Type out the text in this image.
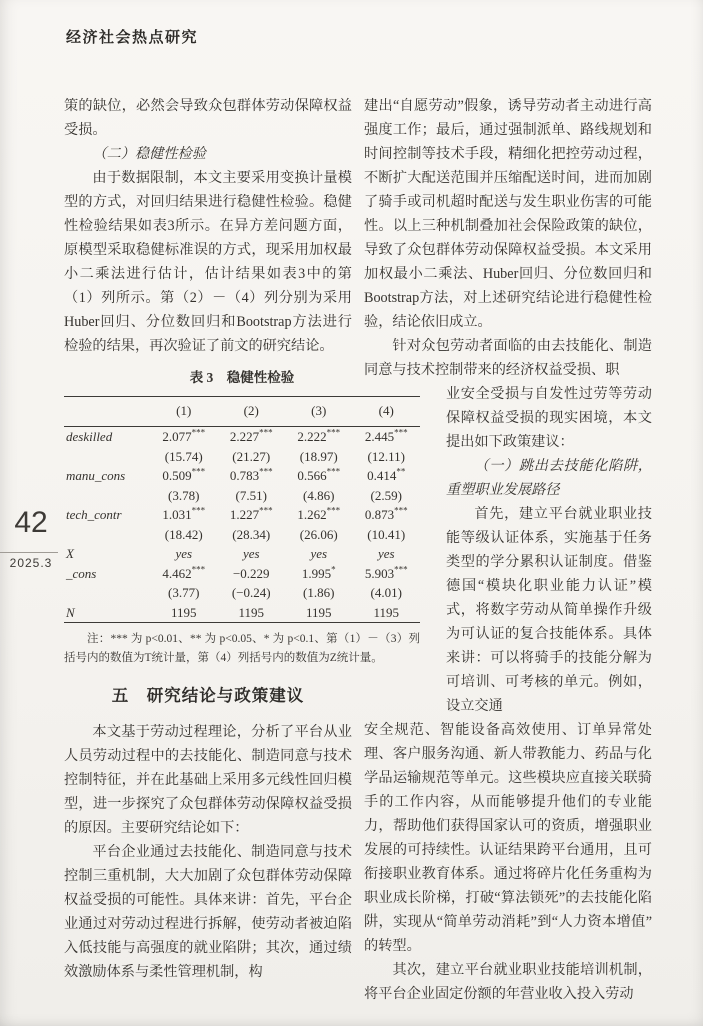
经济社会热点研究
42
2025.3

策的缺位，必然会导致众包群体劳动保障权益受损。

（二）稳健性检验

由于数据限制，本文主要采用变换计量模型的方式，对回归结果进行稳健性检验。稳健性检验结果如表3所示。在异方差问题方面，原模型采取稳健标准误的方式，现采用加权最小二乘法进行估计，估计结果如表3中的第（1）列所示。第（2）－（4）列分别为采用Huber回归、分位数回归和Bootstrap方法进行检验的结果，再次验证了前文的研究结论。

表 3　稳健性检验
	(1)	(2)	(3)	(4)
deskilled	2.077***	2.227***	2.222***	2.445***
	(15.74)	(21.27)	(18.97)	(12.11)
manu_cons	0.509***	0.783***	0.566***	0.414**
	(3.78)	(7.51)	(4.86)	(2.59)
tech_contr	1.031***	1.227***	1.262***	0.873***
	(18.42)	(28.34)	(26.06)	(10.41)
X	yes	yes	yes	yes
_cons	4.462***	−0.229	1.995*	5.903***
	(3.77)	(−0.24)	(1.86)	(4.01)
N	1195	1195	1195	1195

注：*** 为 p<0.01、** 为 p<0.05、* 为 p<0.1、第（1）－（3）列括号内的数值为T统计量，第（4）列括号内的数值为Z统计量。

五　研究结论与政策建议

本文基于劳动过程理论，分析了平台从业人员劳动过程中的去技能化、制造同意与技术控制特征，并在此基础上采用多元线性回归模型，进一步探究了众包群体劳动保障权益受损的原因。主要研究结论如下：

平台企业通过去技能化、制造同意与技术控制三重机制，大大加剧了众包群体劳动保障权益受损的可能性。具体来讲：首先，平台企业通过对劳动过程进行拆解，使劳动者被迫陷入低技能与高强度的就业陷阱；其次，通过绩效激励体系与柔性管理机制，构

建出“自愿劳动”假象，诱导劳动者主动进行高强度工作；最后，通过强制派单、路线规划和时间控制等技术手段，精细化把控劳动过程，不断扩大配送范围并压缩配送时间，进而加剧了骑手或司机超时配送与发生职业伤害的可能性。以上三种机制叠加社会保险政策的缺位，导致了众包群体劳动保障权益受损。本文采用加权最小二乘法、Huber回归、分位数回归和Bootstrap方法，对上述研究结论进行稳健性检验，结论依旧成立。

针对众包劳动者面临的由去技能化、制造同意与技术控制带来的经济权益受损、职

业安全受损与自发性过劳等劳动保障权益受损的现实困境，本文提出如下政策建议：

（一）跳出去技能化陷阱，重塑职业发展路径

首先，建立平台就业职业技能等级认证体系，实施基于任务类型的学分累积认证制度。借鉴德国“模块化职业能力认证”模式，将数字劳动从简单操作升级为可认证的复合技能体系。具体来讲：可以将骑手的技能分解为可培训、可考核的单元。例如，设立交通

安全规范、智能设备高效使用、订单异常处理、客户服务沟通、新人带教能力、药品与化学品运输规范等单元。这些模块应直接关联骑手的工作内容，从而能够提升他们的专业能力，帮助他们获得国家认可的资质，增强职业发展的可持续性。认证结果跨平台通用，且可衔接职业教育体系。通过将碎片化任务重构为职业成长阶梯，打破“算法锁死”的去技能化陷阱，实现从“简单劳动消耗”到“人力资本增值”的转型。

其次，建立平台就业职业技能培训机制，将平台企业固定份额的年营业收入投入劳动
